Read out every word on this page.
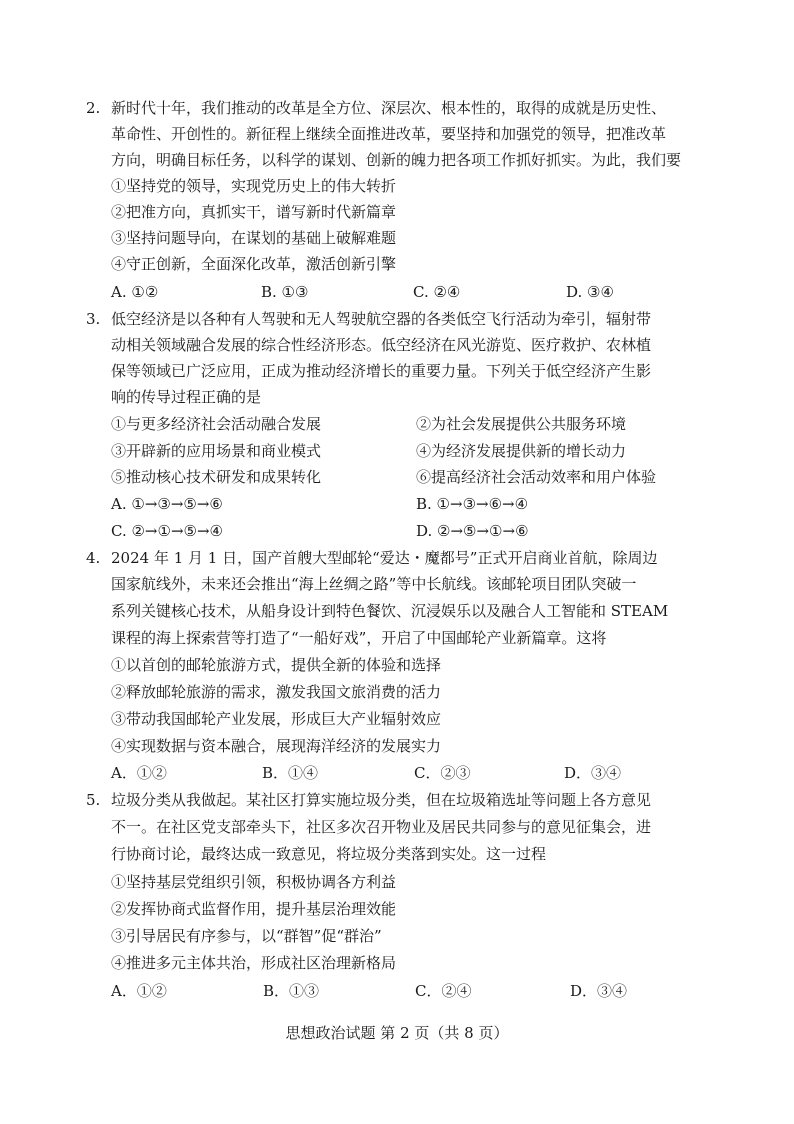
2. 新时代十年，我们推动的改革是全方位、深层次、根本性的，取得的成就是历史性、
革命性、开创性的。新征程上继续全面推进改革，要坚持和加强党的领导，把准改革
方向，明确目标任务，以科学的谋划、创新的魄力把各项工作抓好抓实。为此，我们要
①坚持党的领导，实现党历史上的伟大转折
②把准方向，真抓实干，谱写新时代新篇章
③坚持问题导向，在谋划的基础上破解难题
④守正创新，全面深化改革，激活创新引擎
A. ①②	B. ①③	C. ②④	D. ③④
3. 低空经济是以各种有人驾驶和无人驾驶航空器的各类低空飞行活动为牵引，辐射带
动相关领域融合发展的综合性经济形态。低空经济在风光游览、医疗救护、农林植
保等领域已广泛应用，正成为推动经济增长的重要力量。下列关于低空经济产生影
响的传导过程正确的是
①与更多经济社会活动融合发展	②为社会发展提供公共服务环境
③开辟新的应用场景和商业模式	④为经济发展提供新的增长动力
⑤推动核心技术研发和成果转化	⑥提高经济社会活动效率和用户体验
A. ①→③→⑤→⑥	B. ①→③→⑥→④
C. ②→①→⑤→④	D. ②→⑤→①→⑥
4. 2024 年 1 月 1 日，国产首艘大型邮轮“爱达・魔都号”正式开启商业首航，除周边
国家航线外，未来还会推出“海上丝绸之路”等中长航线。该邮轮项目团队突破一
系列关键核心技术，从船身设计到特色餐饮、沉浸娱乐以及融合人工智能和 STEAM
课程的海上探索营等打造了“一船好戏”，开启了中国邮轮产业新篇章。这将
①以首创的邮轮旅游方式，提供全新的体验和选择
②释放邮轮旅游的需求，激发我国文旅消费的活力
③带动我国邮轮产业发展，形成巨大产业辐射效应
④实现数据与资本融合，展现海洋经济的发展实力
A．①②	B．①④	C．②③	D．③④
5. 垃圾分类从我做起。某社区打算实施垃圾分类，但在垃圾箱选址等问题上各方意见
不一。在社区党支部牵头下，社区多次召开物业及居民共同参与的意见征集会，进
行协商讨论，最终达成一致意见，将垃圾分类落到实处。这一过程
①坚持基层党组织引领，积极协调各方利益
②发挥协商式监督作用，提升基层治理效能
③引导居民有序参与，以“群智”促“群治”
④推进多元主体共治，形成社区治理新格局
A．①②	B．①③	C．②④	D．③④
思想政治试题 第 2 页（共 8 页）
